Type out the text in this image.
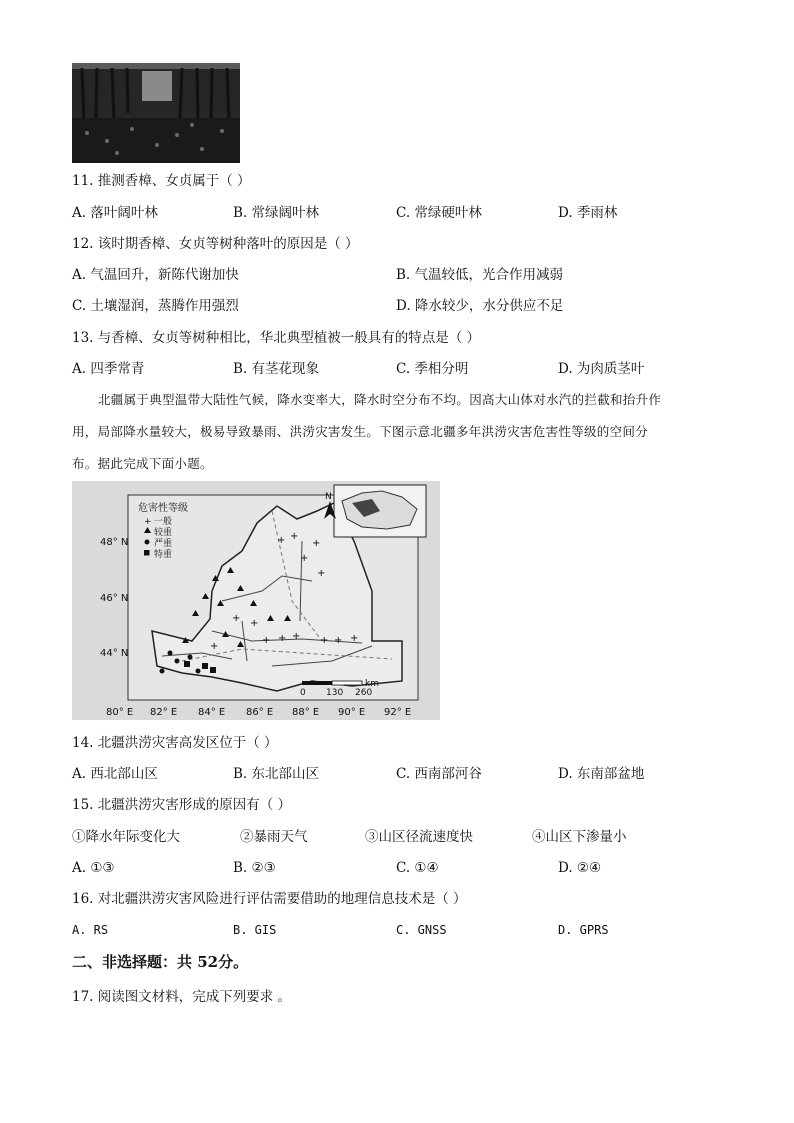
11. 推测香樟、女贞属于（ ）
A. 落叶阔叶林	B. 常绿阔叶林	C. 常绿硬叶林	D. 季雨林
12. 该时期香樟、女贞等树种落叶的原因是（ ）
A. 气温回升，新陈代谢加快	B. 气温较低，光合作用减弱
C. 土壤湿润，蒸腾作用强烈	D. 降水较少，水分供应不足
13. 与香樟、女贞等树种相比，华北典型植被一般具有的特点是（ ）
A. 四季常青	B. 有茎花现象	C. 季相分明	D. 为肉质茎叶
北疆属于典型温带大陆性气候，降水变率大，降水时空分布不均。因高大山体对水汽的拦截和抬升作
用，局部降水量较大，极易导致暴雨、洪涝灾害发生。下图示意北疆多年洪涝灾害危害性等级的空间分
布。据此完成下面小题。
N
危害性等级
一般
较重
严重
特重
+
+ +
+
+
+
+ +
+ + + + + +
+
0 130 260
km
48° N
46° N
44° N
80° E 82° E 84° E 86° E 88° E 90° E 92° E
14. 北疆洪涝灾害高发区位于（ ）
A. 西北部山区	B. 东北部山区	C. 西南部河谷	D. 东南部盆地
15. 北疆洪涝灾害形成的原因有（ ）
①降水年际变化大	②暴雨天气	③山区径流速度快	④山区下渗量小
A. ①③	B. ②③	C. ①④	D. ②④
16. 对北疆洪涝灾害风险进行评估需要借助的地理信息技术是（ ）
A. RS	B. GIS	C. GNSS	D. GPRS
二、非选择题：共 52分。
17. 阅读图文材料，完成下列要求 。
